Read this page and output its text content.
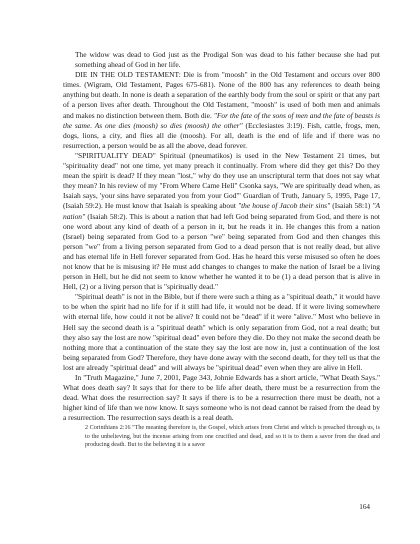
The widow was dead to God just as the Prodigal Son was dead to his father because she had put something ahead of God in her life.

DIE IN THE OLD TESTAMENT: Die is from "moosh" in the Old Testament and occurs over 800 times. (Wigram, Old Testament, Pages 675-681). None of the 800 has any references to death being anything but death. In none is death a separation of the earthly body from the soul or spirit or that any part of a person lives after death. Throughout the Old Testament, "moosh" is used of both men and animals and makes no distinction between them. Both die. "For the fate of the sons of men and the fate of beasts is the same. As one dies (moosh) so dies (moosh) the other" (Ecclesiastes 3:19). Fish, cattle, frogs, men, dogs, lions, a city, and flies all die (moosh). For all, death is the end of life and if there was no resurrection, a person would be as all the above, dead forever.

"SPIRITUALITY DEAD" Spiritual (pneumatikos) is used in the New Testament 21 times, but "spirituality dead" not one time, yet many preach it continually. From where did they get this? Do they mean the spirit is dead? If they mean "lost," why do they use an unscriptural term that does not say what they mean? In his review of my "From Where Came Hell" Csonka says, "We are spiritually dead when, as Isaiah says, 'your sins have separated you from your God'" Guardian of Truth, January 5, 1995, Page 17, (Isaiah 59:2). He must know that Isaiah is speaking about "the house of Jacob their sins" (Isaiah 58:1) "A nation" (Isaiah 58:2). This is about a nation that had left God being separated from God, and there is not one word about any kind of death of a person in it, but he reads it in. He changes this from a nation (Israel) being separated from God to a person "we" being separated from God and then changes this person "we" from a living person separated from God to a dead person that is not really dead, but alive and has eternal life in Hell forever separated from God. Has he heard this verse misused so often he does not know that he is misusing it? He must add changes to changes to make the nation of Israel be a living person in Hell, but he did not seem to know whether he wanted it to be (1) a dead person that is alive in Hell, (2) or a living person that is "spiritually dead."

"Spiritual death" is not in the Bible, but if there were such a thing as a "spiritual death," it would have to be when the spirit had no life for if it still had life, it would not be dead. If it were living somewhere with eternal life, how could it not be alive? It could not be "dead" if it were "alive." Most who believe in Hell say the second death is a "spiritual death" which is only separation from God, not a real death; but they also say the lost are now "spiritual dead" even before they die. Do they not make the second death be nothing more that a continuation of the state they say the lost are now in, just a continuation of the lost being separated from God? Therefore, they have done away with the second death, for they tell us that the lost are already "spiritual dead" and will always be "spiritual dead" even when they are alive in Hell.

In "Truth Magazine," June 7, 2001, Page 343, Johnie Edwards has a short article, "What Death Says." What does death say? It says that for there to be life after death, there must be a resurrection from the dead. What does the resurrection say? It says if there is to be a resurrection there must be death, not a higher kind of life than we now know. It says someone who is not dead cannot be raised from the dead by a resurrection. The resurrection says death is a real death.

2 Corinthians 2:16 "The meaning therefore is, the Gospel, which arises from Christ and which is preached through us, is to the unbelieving, but the incense arising from one crucified and dead, and so it is to them a savor from the dead and producing death. But to the believing it is a savor
164
